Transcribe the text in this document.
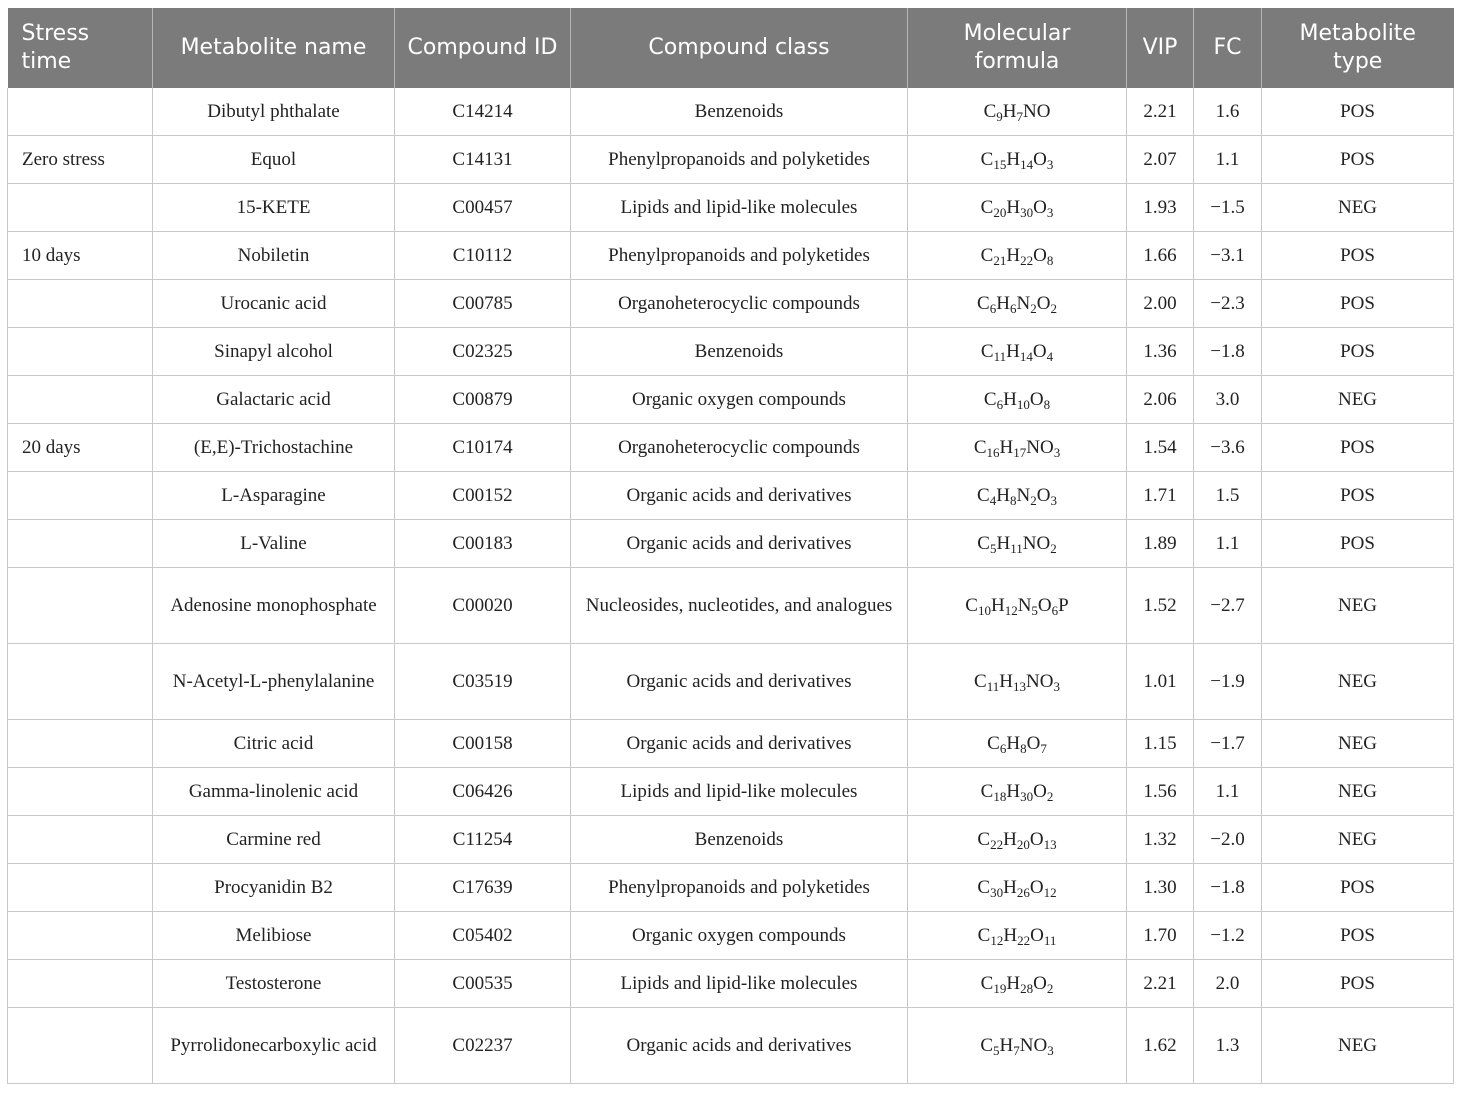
Stress time	Metabolite name	Compound ID	Compound class	Molecular formula	VIP	FC	Metabolite type
	Dibutyl phthalate	C14214	Benzenoids	$C_9H_7NO$	2.21	1.6	POS
Zero stress	Equol	C14131	Phenylpropanoids and polyketides	$C_{15}H_{14}O_3$	2.07	1.1	POS
	15-KETE	C00457	Lipids and lipid-like molecules	$C_{20}H_{30}O_3$	1.93	−1.5	NEG
10 days	Nobiletin	C10112	Phenylpropanoids and polyketides	$C_{21}H_{22}O_8$	1.66	−3.1	POS
	Urocanic acid	C00785	Organoheterocyclic compounds	$C_6H_6N_2O_2$	2.00	−2.3	POS
	Sinapyl alcohol	C02325	Benzenoids	$C_{11}H_{14}O_4$	1.36	−1.8	POS
	Galactaric acid	C00879	Organic oxygen compounds	$C_6H_{10}O_8$	2.06	3.0	NEG
20 days	(E,E)-Trichostachine	C10174	Organoheterocyclic compounds	$C_{16}H_{17}NO_3$	1.54	−3.6	POS
	L-Asparagine	C00152	Organic acids and derivatives	$C_4H_8N_2O_3$	1.71	1.5	POS
	L-Valine	C00183	Organic acids and derivatives	$C_5H_{11}NO_2$	1.89	1.1	POS
	Adenosine monophosphate	C00020	Nucleosides, nucleotides, and analogues	$C_{10}H_{12}N_5O_6P$	1.52	−2.7	NEG
	N-Acetyl-L-phenylalanine	C03519	Organic acids and derivatives	$C_{11}H_{13}NO_3$	1.01	−1.9	NEG
	Citric acid	C00158	Organic acids and derivatives	$C_6H_8O_7$	1.15	−1.7	NEG
	Gamma-linolenic acid	C06426	Lipids and lipid-like molecules	$C_{18}H_{30}O_2$	1.56	1.1	NEG
	Carmine red	C11254	Benzenoids	$C_{22}H_{20}O_{13}$	1.32	−2.0	NEG
	Procyanidin B2	C17639	Phenylpropanoids and polyketides	$C_{30}H_{26}O_{12}$	1.30	−1.8	POS
	Melibiose	C05402	Organic oxygen compounds	$C_{12}H_{22}O_{11}$	1.70	−1.2	POS
	Testosterone	C00535	Lipids and lipid-like molecules	$C_{19}H_{28}O_2$	2.21	2.0	POS
	Pyrrolidonecarboxylic acid	C02237	Organic acids and derivatives	$C_5H_7NO_3$	1.62	1.3	NEG
